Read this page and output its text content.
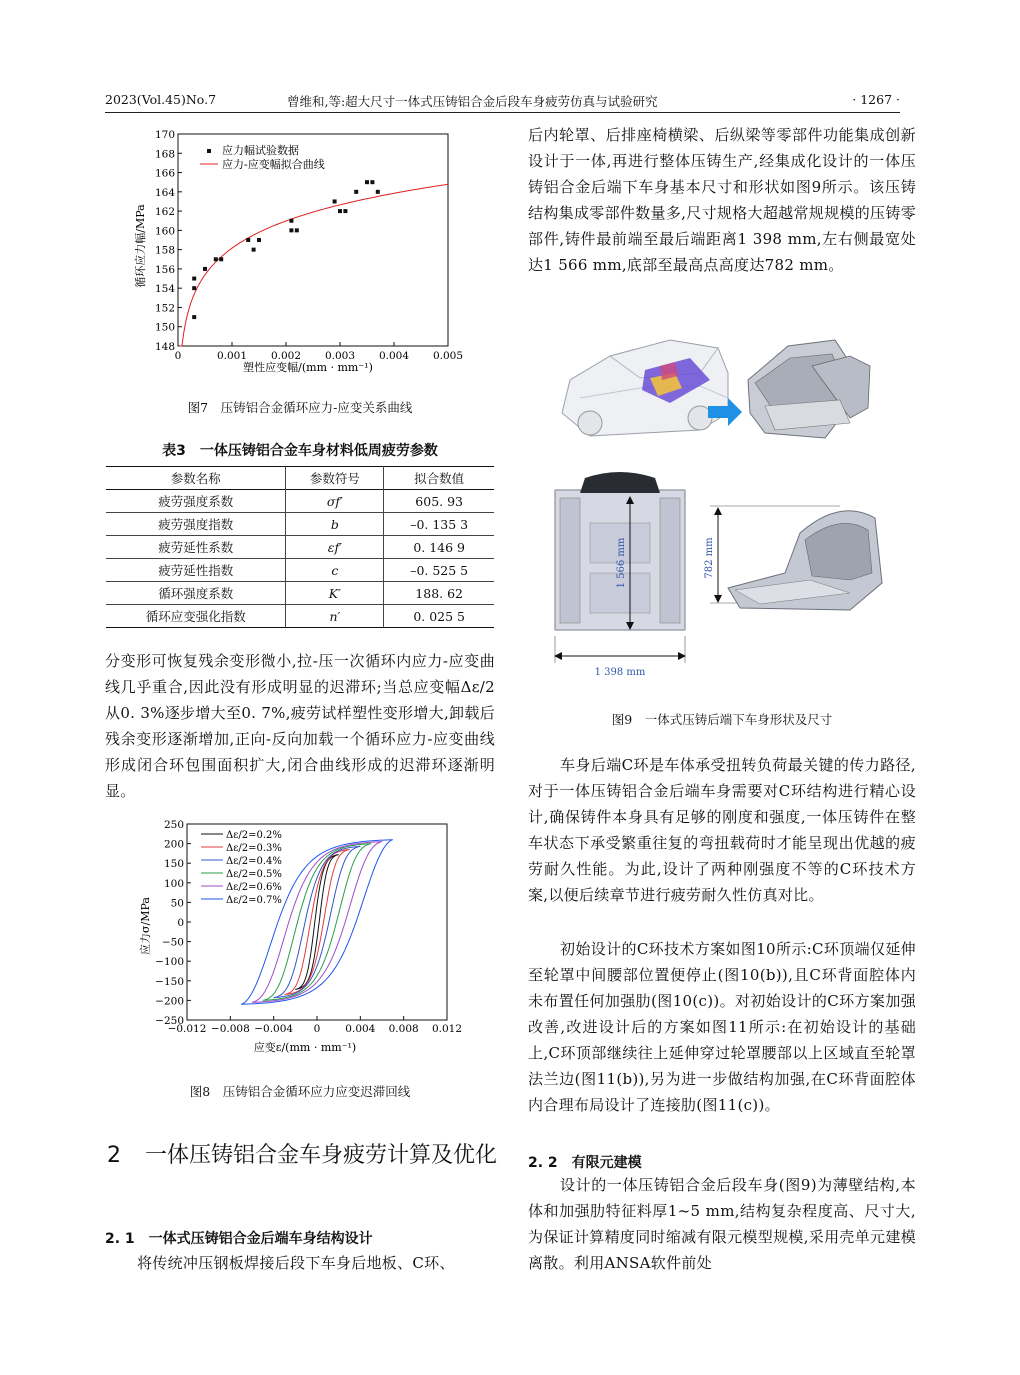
2023(Vol.45)No.7	曾维和,等:超大尺寸一体式压铸铝合金后段车身疲劳仿真与试验研究	· 1267 ·
0	0.001 0.002 0.003 0.004 0.005
148
150
152
154
156
158
160
162
164
166
168
170
应力幅试验数据
应力-应变幅拟合曲线
塑性应变幅/(mm · mm⁻¹)
循环应力幅/MPa
图7　压铸铝合金循环应力-应变关系曲线
表3　一体压铸铝合金车身材料低周疲劳参数
参数名称	参数符号	拟合数值
疲劳强度系数	σf′	605. 93
疲劳强度指数	b	–0. 135 3
疲劳延性系数	εf′	0. 146 9
疲劳延性指数	c	–0. 525 5
循环强度系数	K′	188. 62
循环应变强化指数	n′	0. 025 5

分变形可恢复残余变形微小,拉-压一次循环内应力-应变曲线几乎重合,因此没有形成明显的迟滞环;当总应变幅Δε/2从0. 3%逐步增大至0. 7%,疲劳试样塑性变形增大,卸载后残余变形逐渐增加,正向-反向加载一个循环应力-应变曲线形成闭合环包围面积扩大,闭合曲线形成的迟滞环逐渐明显。

−0.012 −0.008 −0.004 0 0.004 0.008 0.012
−250
−200
−150
−100
−50
0
50
100
150
200
250
Δε/2=0.2%
Δε/2=0.3%
Δε/2=0.4%
Δε/2=0.5%
Δε/2=0.6%
Δε/2=0.7%
应变ε/(mm · mm⁻¹)
应力σ/MPa
图8　压铸铝合金循环应力应变迟滞回线
2 一体压铸铝合金车身疲劳计算及优化
2. 1　一体式压铸铝合金后端车身结构设计

将传统冲压钢板焊接后段下车身后地板、C环、

后内轮罩、后排座椅横梁、后纵梁等零部件功能集成创新设计于一体,再进行整体压铸生产,经集成化设计的一体压铸铝合金后端下车身基本尺寸和形状如图9所示。该压铸结构集成零部件数量多,尺寸规格大超越常规规模的压铸零部件,铸件最前端至最后端距离1 398 mm,左右侧最宽处达1 566 mm,底部至最高点高度达782 mm。

1 566 mm
1 398 mm
782 mm
图9　一体式压铸后端下车身形状及尺寸

车身后端C环是车体承受扭转负荷最关键的传力路径,对于一体压铸铝合金后端车身需要对C环结构进行精心设计,确保铸件本身具有足够的刚度和强度,一体压铸件在整车状态下承受繁重往复的弯扭载荷时才能呈现出优越的疲劳耐久性能。为此,设计了两种刚强度不等的C环技术方案,以便后续章节进行疲劳耐久性仿真对比。

初始设计的C环技术方案如图10所示:C环顶端仅延伸至轮罩中间腰部位置便停止(图10(b)),且C环背面腔体内未布置任何加强肋(图10(c))。对初始设计的C环方案加强改善,改进设计后的方案如图11所示:在初始设计的基础上,C环顶部继续往上延伸穿过轮罩腰部以上区域直至轮罩法兰边(图11(b)),另为进一步做结构加强,在C环背面腔体内合理布局设计了连接肋(图11(c))。

2. 2　有限元建模

设计的一体压铸铝合金后段车身(图9)为薄壁结构,本体和加强肋特征料厚1~5 mm,结构复杂程度高、尺寸大,为保证计算精度同时缩减有限元模型规模,采用壳单元建模离散。利用ANSA软件前处
